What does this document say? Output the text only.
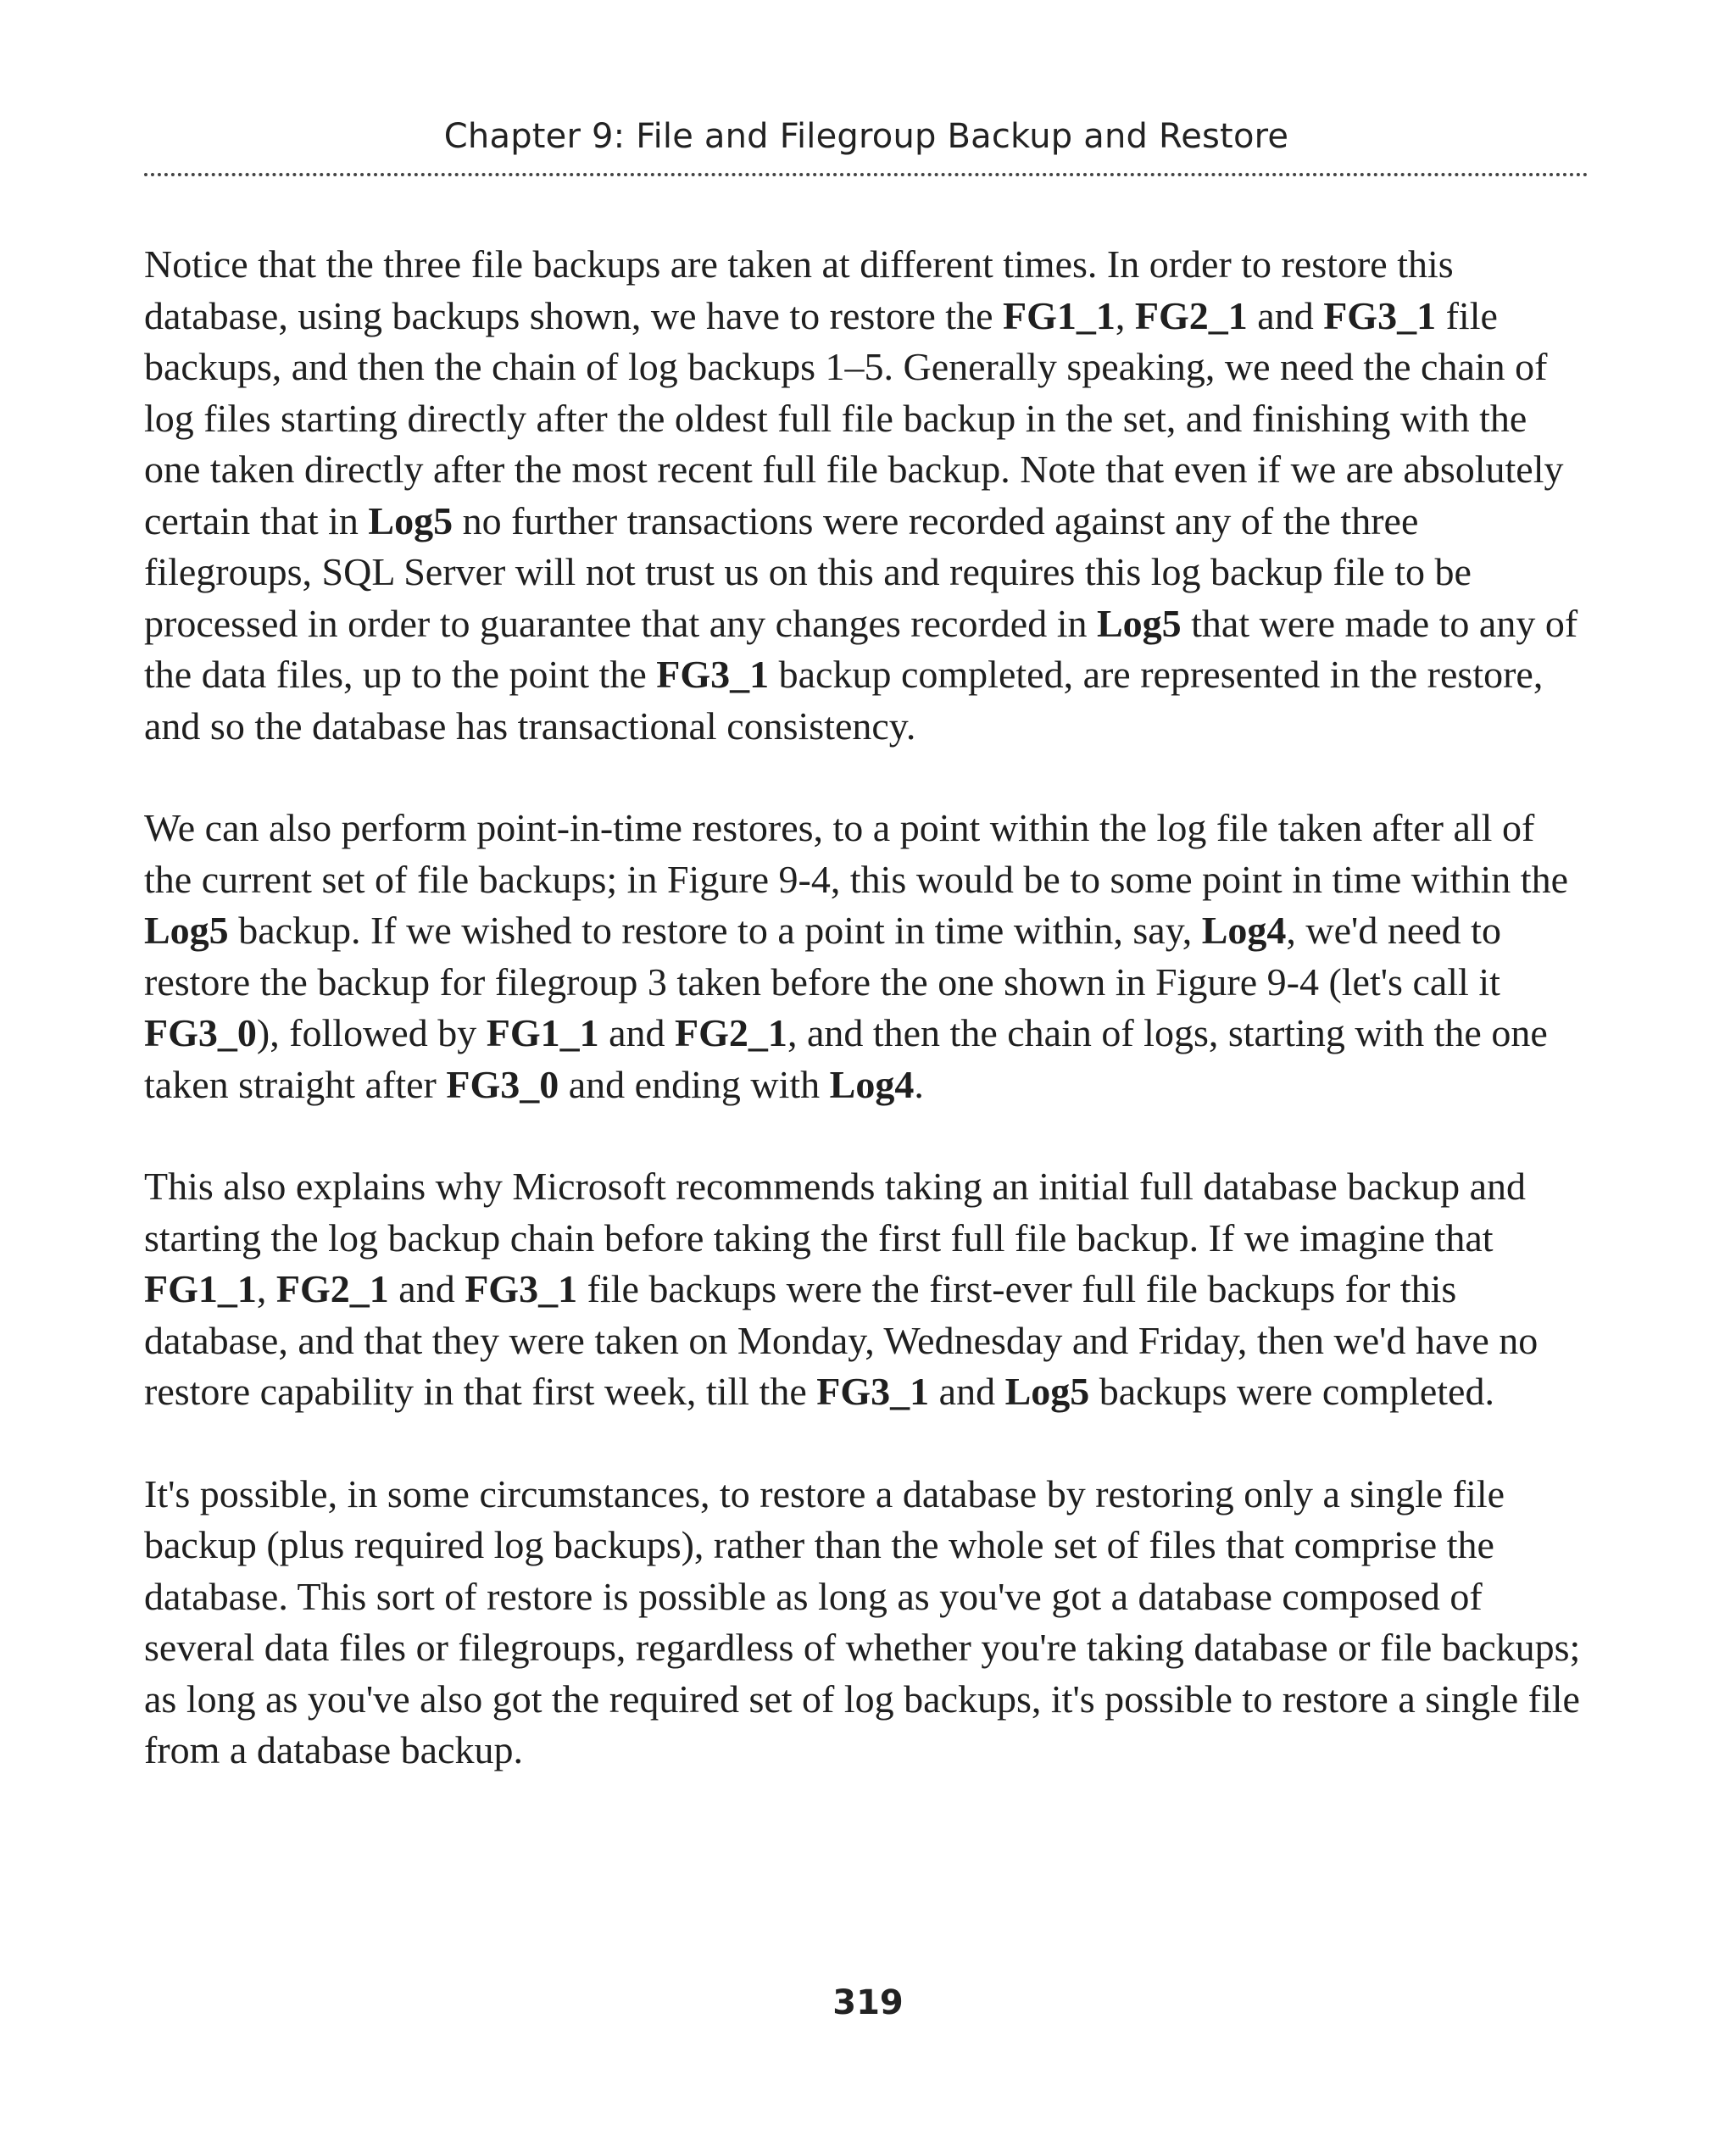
Chapter 9: File and Filegroup Backup and Restore

Notice that the three file backups are taken at different times. In order to restore this database, using backups shown, we have to restore the FG1_1, FG2_1 and FG3_1 file backups, and then the chain of log backups 1–5. Generally speaking, we need the chain of log files starting directly after the oldest full file backup in the set, and finishing with the one taken directly after the most recent full file backup. Note that even if we are absolutely certain that in Log5 no further transactions were recorded against any of the three filegroups, SQL Server will not trust us on this and requires this log backup file to be processed in order to guarantee that any changes recorded in Log5 that were made to any of the data files, up to the point the FG3_1 backup completed, are represented in the restore, and so the database has transactional consistency.

We can also perform point-in-time restores, to a point within the log file taken after all of the current set of file backups; in Figure 9-4, this would be to some point in time within the Log5 backup. If we wished to restore to a point in time within, say, Log4, we'd need to restore the backup for filegroup 3 taken before the one shown in Figure 9-4 (let's call it FG3_0), followed by FG1_1 and FG2_1, and then the chain of logs, starting with the one taken straight after FG3_0 and ending with Log4.

This also explains why Microsoft recommends taking an initial full database backup and starting the log backup chain before taking the first full file backup. If we imagine that FG1_1, FG2_1 and FG3_1 file backups were the first-ever full file backups for this database, and that they were taken on Monday, Wednesday and Friday, then we'd have no restore capability in that first week, till the FG3_1 and Log5 backups were completed.

It's possible, in some circumstances, to restore a database by restoring only a single file backup (plus required log backups), rather than the whole set of files that comprise the database. This sort of restore is possible as long as you've got a database composed of several data files or filegroups, regardless of whether you're taking database or file backups; as long as you've also got the required set of log backups, it's possible to restore a single file from a database backup.

319
